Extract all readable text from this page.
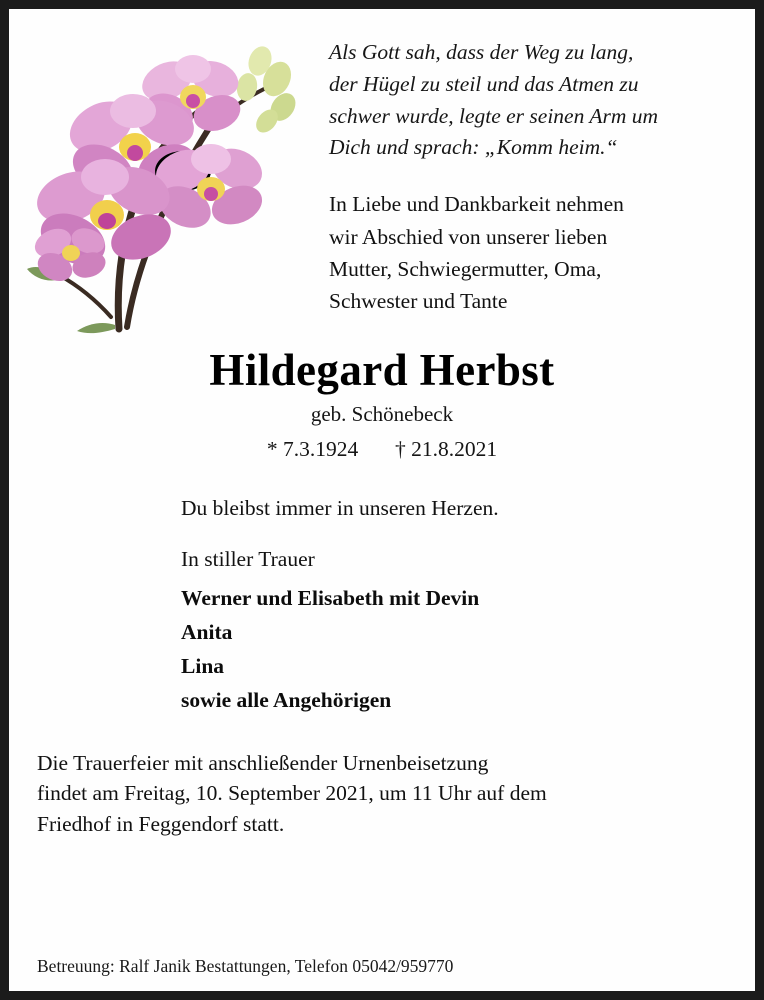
Als Gott sah, dass der Weg zu lang,
der Hügel zu steil und das Atmen zu
schwer wurde, legte er seinen Arm um
Dich und sprach: „Komm heim.“
In Liebe und Dankbarkeit nehmen
wir Abschied von unserer lieben
Mutter, Schwiegermutter, Oma,
Schwester und Tante
Hildegard Herbst
geb. Schönebeck
* 7.3.1924 † 21.8.2021
Du bleibst immer in unseren Herzen.
In stiller Trauer
Werner und Elisabeth mit Devin
Anita
Lina
sowie alle Angehörigen
Die Trauerfeier mit anschließender Urnenbeisetzung
findet am Freitag, 10. September 2021, um 11 Uhr auf dem
Friedhof in Feggendorf statt.
Betreuung: Ralf Janik Bestattungen, Telefon 05042/959770
